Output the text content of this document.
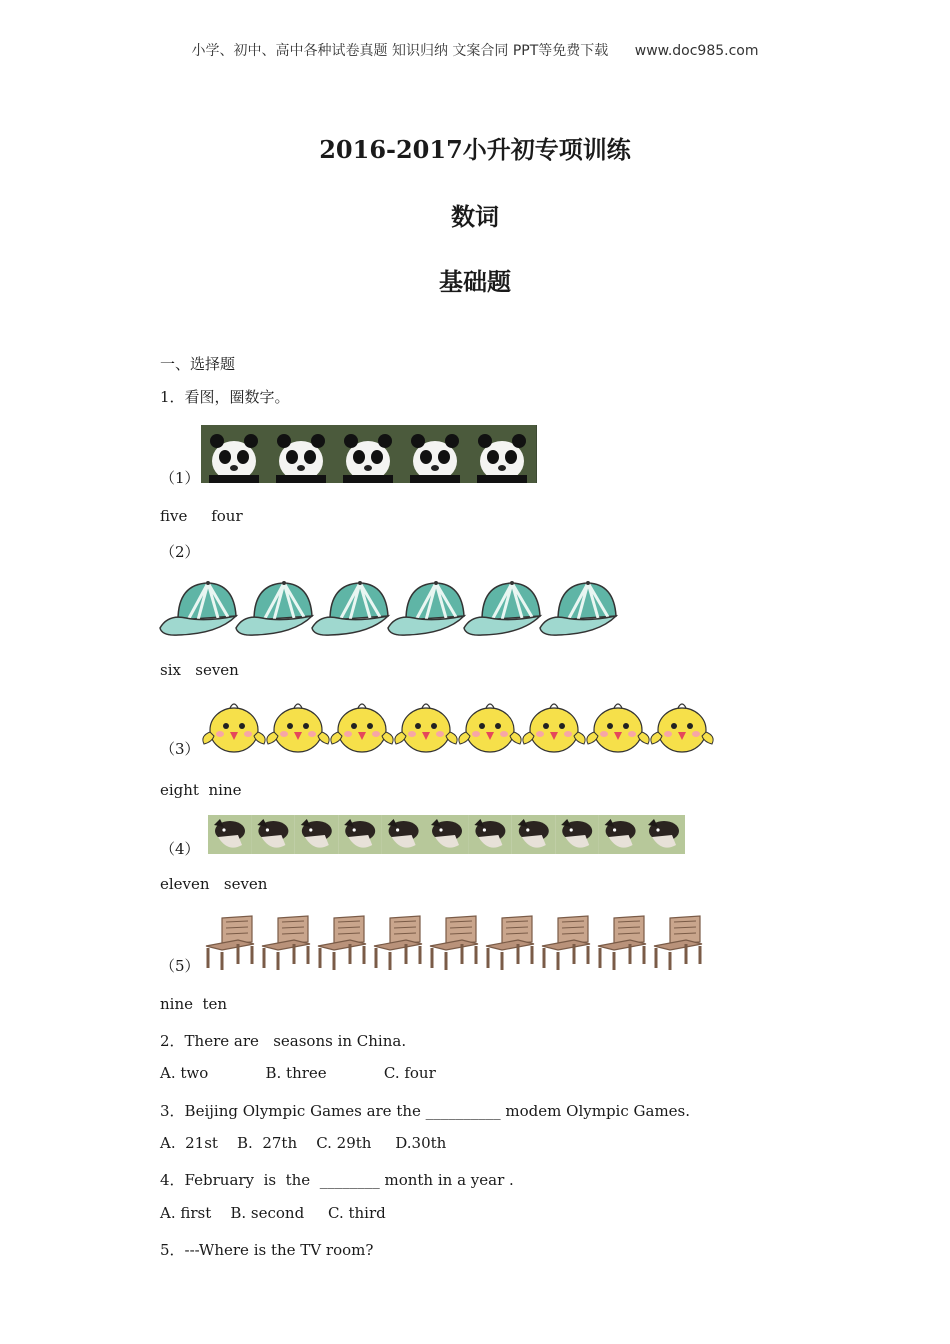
小学、初中、高中各种试卷真题 知识归纳 文案合同 PPT等免费下载 www.doc985.com
2016-2017小升初专项训练
数词
基础题
一、选择题
1．看图，圈数字。
（1）
five     four
（2）
six   seven
（3）
eight  nine
（4）
eleven   seven
（5）
nine  ten
2．There are   seasons in China.
A. two            B. three            C. four
3．Beijing Olympic Games are the __________ modem Olympic Games.
A.  21st    B.  27th    C. 29th     D.30th
4．February  is  the  ________ month in a year .
A. first    B. second     C. third
5．---Where is the TV room?
